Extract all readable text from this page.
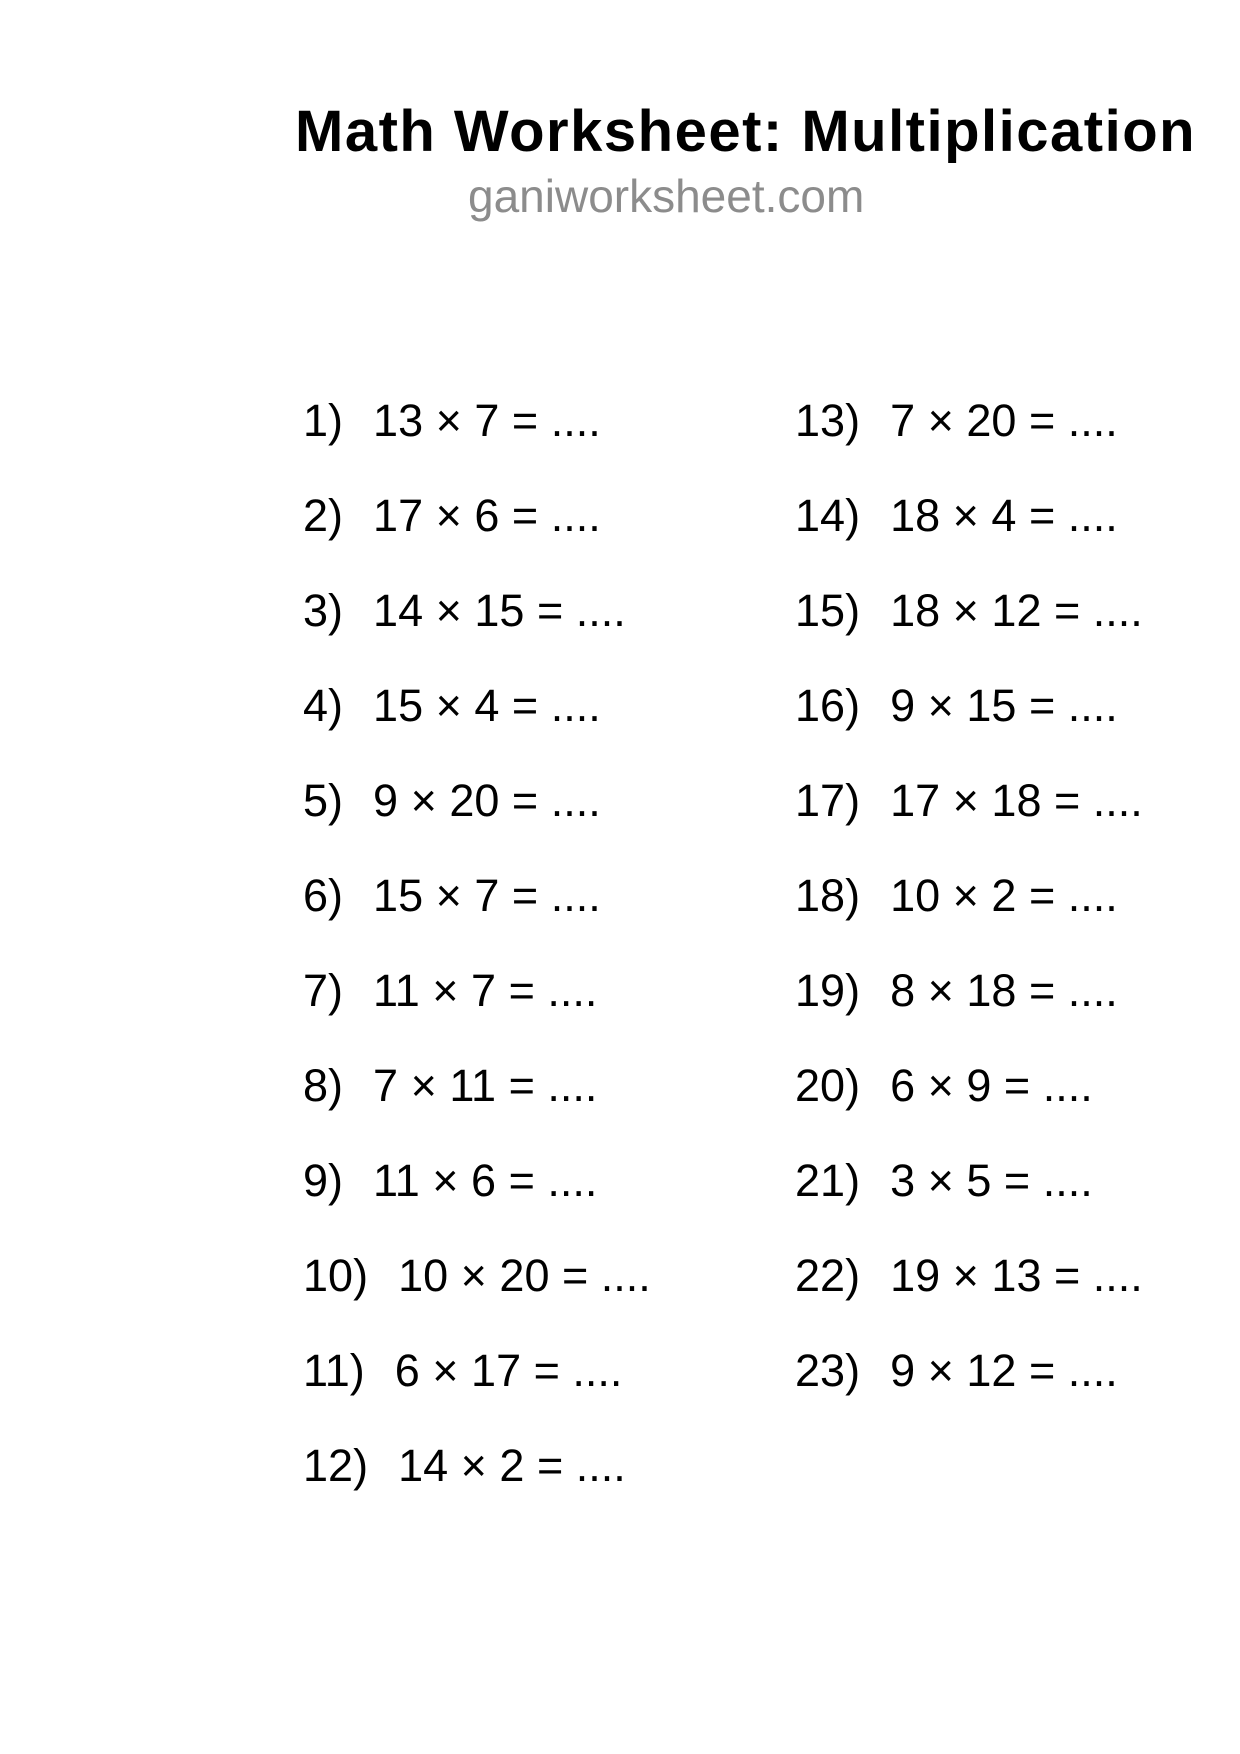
Math Worksheet: Multiplication
ganiworksheet.com

1) 13 × 7 = ....

2) 17 × 6 = ....

3) 14 × 15 = ....

4) 15 × 4 = ....

5) 9 × 20 = ....

6) 15 × 7 = ....

7) 11 × 7 = ....

8) 7 × 11 = ....

9) 11 × 6 = ....

10) 10 × 20 = ....

11) 6 × 17 = ....

12) 14 × 2 = ....

13) 7 × 20 = ....

14) 18 × 4 = ....

15) 18 × 12 = ....

16) 9 × 15 = ....

17) 17 × 18 = ....

18) 10 × 2 = ....

19) 8 × 18 = ....

20) 6 × 9 = ....

21) 3 × 5 = ....

22) 19 × 13 = ....

23) 9 × 12 = ....
